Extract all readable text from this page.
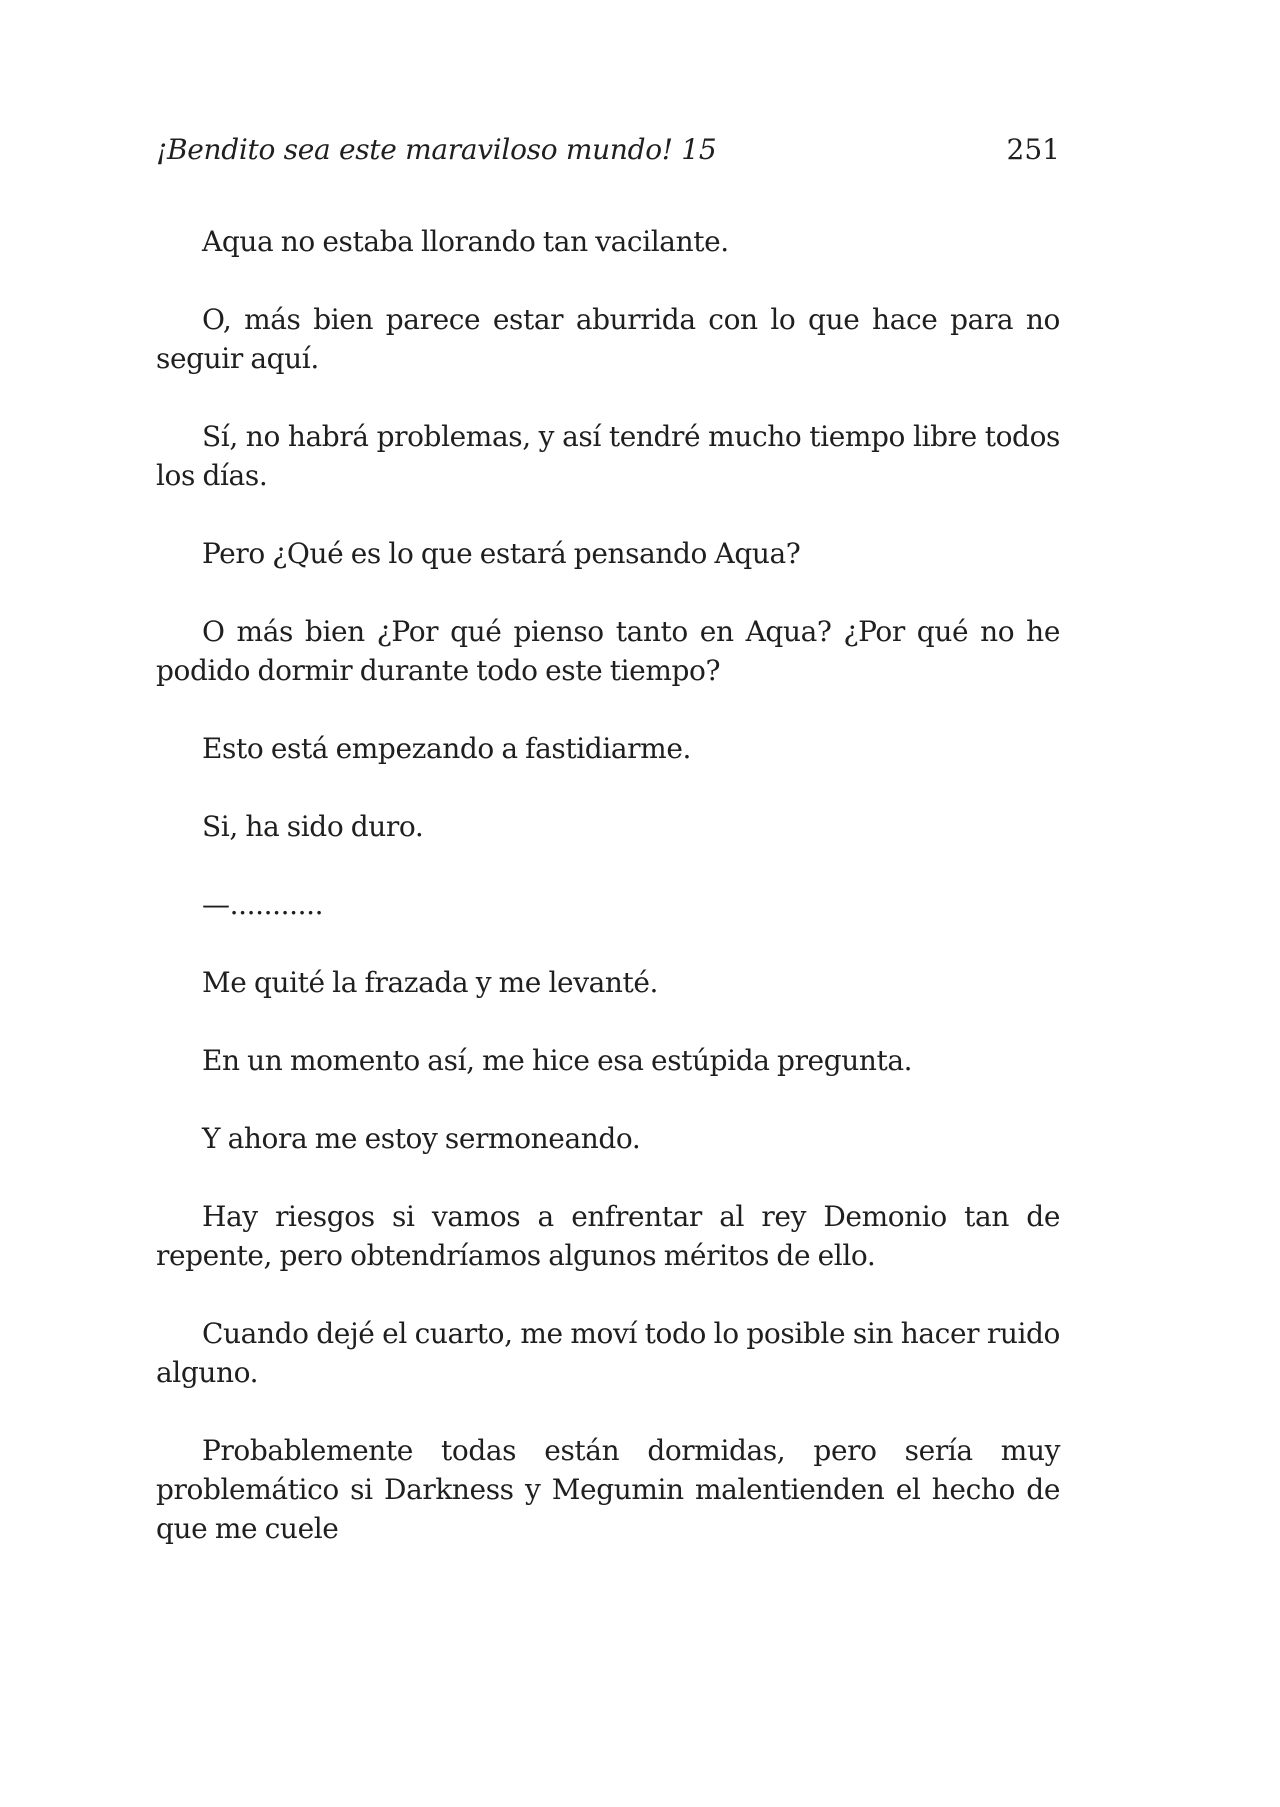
¡Bendito sea este maraviloso mundo! 15	251

Aqua no estaba llorando tan vacilante.

O, más bien parece estar aburrida con lo que hace para no seguir aquí.

Sí, no habrá problemas, y así tendré mucho tiempo libre todos los días.

Pero ¿Qué es lo que estará pensando Aqua?

O más bien ¿Por qué pienso tanto en Aqua? ¿Por qué no he podido dormir durante todo este tiempo?

Esto está empezando a fastidiarme.

Si, ha sido duro.

—...........

Me quité la frazada y me levanté.

En un momento así, me hice esa estúpida pregunta.

Y ahora me estoy sermoneando.

Hay riesgos si vamos a enfrentar al rey Demonio tan de repente, pero obtendríamos algunos méritos de ello.

Cuando dejé el cuarto, me moví todo lo posible sin hacer ruido alguno.

Probablemente todas están dormidas, pero sería muy problemático si Darkness y Megumin malentienden el hecho de que me cuele
